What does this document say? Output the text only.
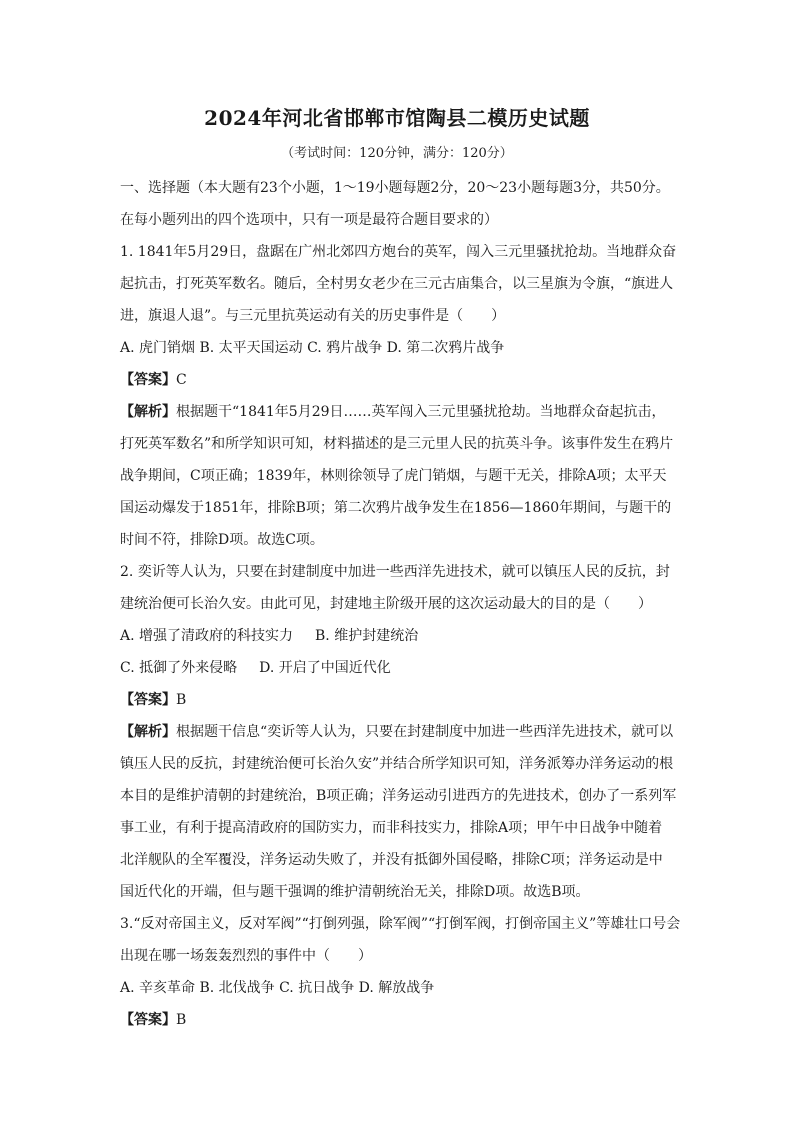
2024年河北省邯郸市馆陶县二模历史试题
（考试时间：120分钟，满分：120分）
一、选择题（本大题有23个小题，1～19小题每题2分，20～23小题每题3分，共50分。
在每小题列出的四个选项中，只有一项是最符合题目要求的）
1. 1841年5月29日，盘踞在广州北郊四方炮台的英军，闯入三元里骚扰抢劫。当地群众奋
起抗击，打死英军数名。随后，全村男女老少在三元古庙集合，以三星旗为令旗，“旗进人
进，旗退人退”。与三元里抗英运动有关的历史事件是（　　）
A. 虎门销烟 B. 太平天国运动 C. 鸦片战争 D. 第二次鸦片战争
【答案】C
【解析】根据题干“1841年5月29日……英军闯入三元里骚扰抢劫。当地群众奋起抗击，
打死英军数名”和所学知识可知，材料描述的是三元里人民的抗英斗争。该事件发生在鸦片
战争期间，C项正确；1839年，林则徐领导了虎门销烟，与题干无关，排除A项；太平天
国运动爆发于1851年，排除B项；第二次鸦片战争发生在1856—1860年期间，与题干的
时间不符，排除D项。故选C项。
2. 奕䜣等人认为，只要在封建制度中加进一些西洋先进技术，就可以镇压人民的反抗，封
建统治便可长治久安。由此可见，封建地主阶级开展的这次运动最大的目的是（　　）
A. 增强了清政府的科技实力 B. 维护封建统治
C. 抵御了外来侵略 D. 开启了中国近代化
【答案】B
【解析】根据题干信息“奕䜣等人认为，只要在封建制度中加进一些西洋先进技术，就可以
镇压人民的反抗，封建统治便可长治久安”并结合所学知识可知，洋务派筹办洋务运动的根
本目的是维护清朝的封建统治，B项正确；洋务运动引进西方的先进技术，创办了一系列军
事工业，有利于提高清政府的国防实力，而非科技实力，排除A项；甲午中日战争中随着
北洋舰队的全军覆没，洋务运动失败了，并没有抵御外国侵略，排除C项；洋务运动是中
国近代化的开端，但与题干强调的维护清朝统治无关，排除D项。故选B项。
3.“反对帝国主义，反对军阀”“打倒列强，除军阀”“打倒军阀，打倒帝国主义”等雄壮口号会
出现在哪一场轰轰烈烈的事件中（　　）
A. 辛亥革命 B. 北伐战争 C. 抗日战争 D. 解放战争
【答案】B
